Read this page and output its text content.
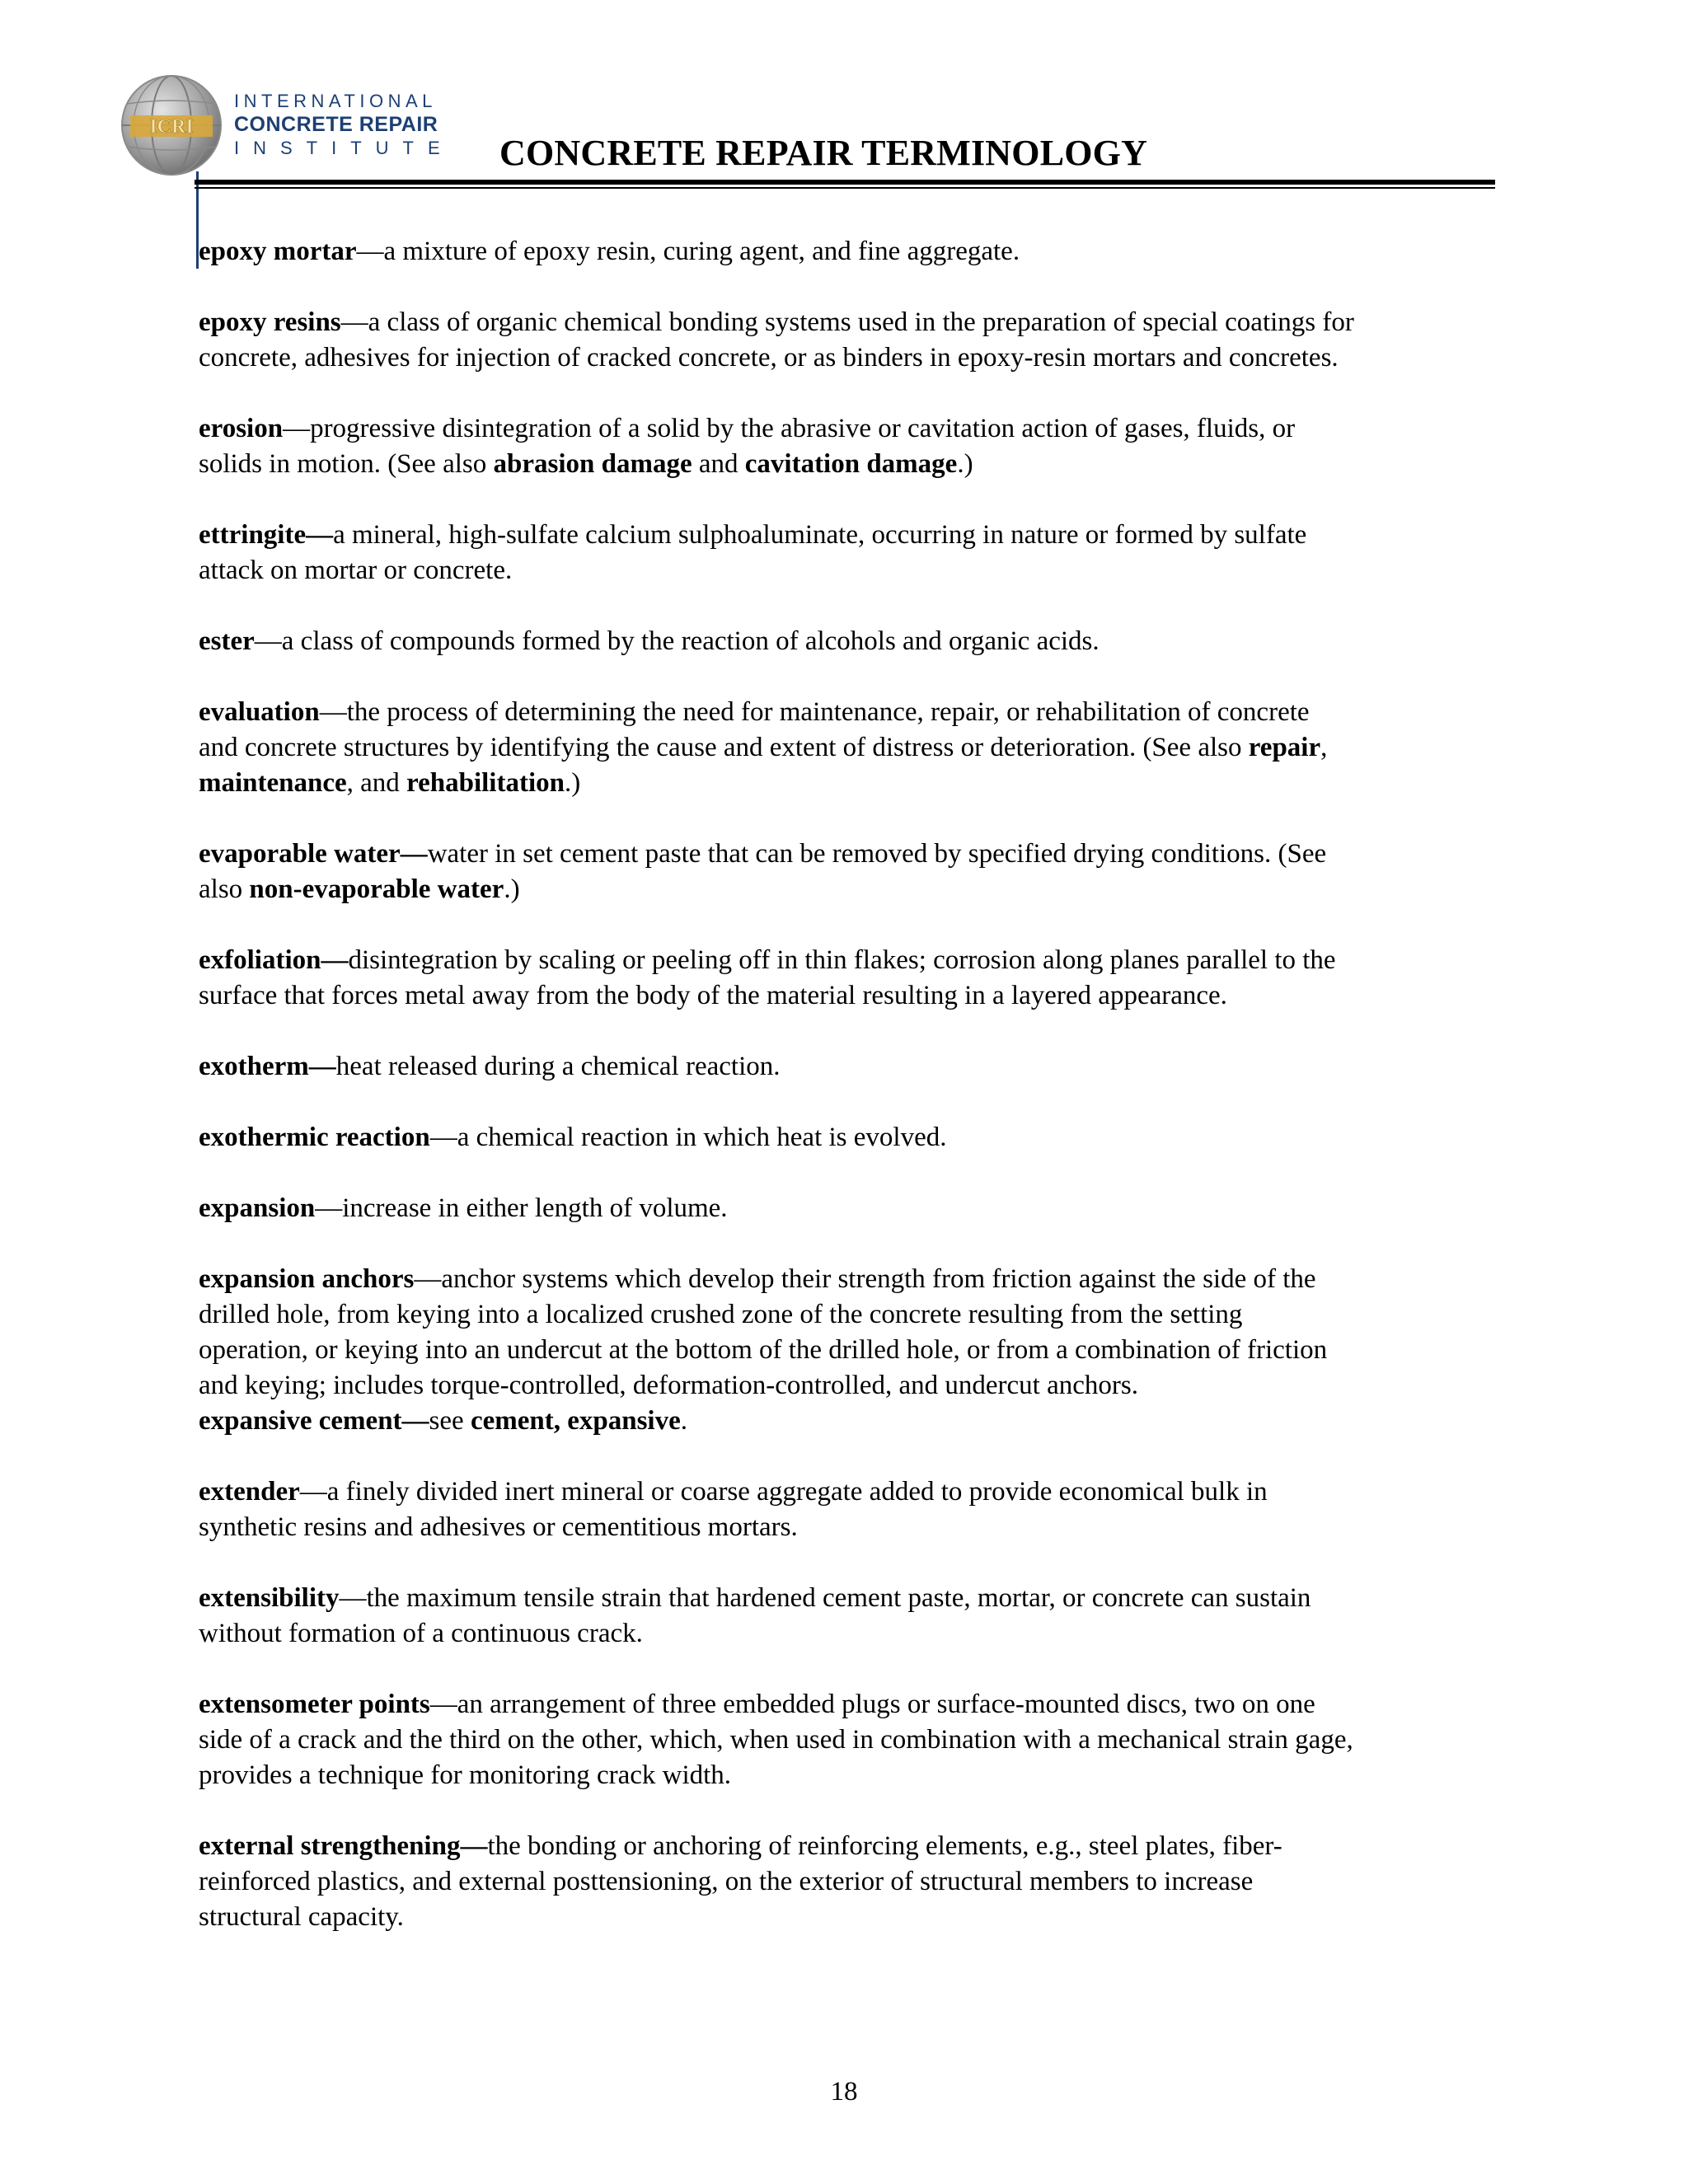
ICRI
INTERNATIONAL
CONCRETE REPAIR
INSTITUTE CONCRETE REPAIR TERMINOLOGY
epoxy mortar—a mixture of epoxy resin, curing agent, and fine aggregate.
epoxy resins—a class of organic chemical bonding systems used in the preparation of special coatings for
concrete, adhesives for injection of cracked concrete, or as binders in epoxy-resin mortars and concretes.
erosion—progressive disintegration of a solid by the abrasive or cavitation action of gases, fluids, or
solids in motion. (See also abrasion damage and cavitation damage.)
ettringite—a mineral, high-sulfate calcium sulphoaluminate, occurring in nature or formed by sulfate
attack on mortar or concrete.
ester—a class of compounds formed by the reaction of alcohols and organic acids.
evaluation—the process of determining the need for maintenance, repair, or rehabilitation of concrete
and concrete structures by identifying the cause and extent of distress or deterioration. (See also repair,
maintenance, and rehabilitation.)
evaporable water—water in set cement paste that can be removed by specified drying conditions. (See
also non-evaporable water.)
exfoliation—disintegration by scaling or peeling off in thin flakes; corrosion along planes parallel to the
surface that forces metal away from the body of the material resulting in a layered appearance.
exotherm—heat released during a chemical reaction.
exothermic reaction—a chemical reaction in which heat is evolved.
expansion—increase in either length of volume.
expansion anchors—anchor systems which develop their strength from friction against the side of the
drilled hole, from keying into a localized crushed zone of the concrete resulting from the setting
operation, or keying into an undercut at the bottom of the drilled hole, or from a combination of friction
and keying; includes torque-controlled, deformation-controlled, and undercut anchors.
expansive cement—see cement, expansive.
extender—a finely divided inert mineral or coarse aggregate added to provide economical bulk in
synthetic resins and adhesives or cementitious mortars.
extensibility—the maximum tensile strain that hardened cement paste, mortar, or concrete can sustain
without formation of a continuous crack.
extensometer points—an arrangement of three embedded plugs or surface-mounted discs, two on one
side of a crack and the third on the other, which, when used in combination with a mechanical strain gage,
provides a technique for monitoring crack width.
external strengthening—the bonding or anchoring of reinforcing elements, e.g., steel plates, fiber-
reinforced plastics, and external posttensioning, on the exterior of structural members to increase
structural capacity.
18
